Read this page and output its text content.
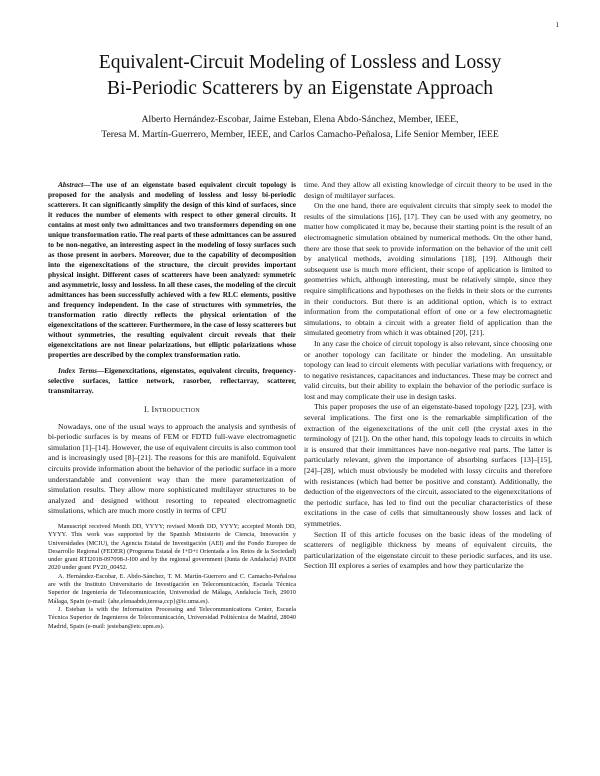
1
Equivalent-Circuit Modeling of Lossless and Lossy
Bi-Periodic Scatterers by an Eigenstate Approach
Alberto Hernández-Escobar, Jaime Esteban, Elena Abdo-Sánchez, Member, IEEE,
Teresa M. Martín-Guerrero, Member, IEEE, and Carlos Camacho-Peñalosa, Life Senior Member, IEEE

Abstract—The use of an eigenstate based equivalent circuit topology is proposed for the analysis and modeling of lossless and lossy bi-periodic scatterers. It can significantly simplify the design of this kind of surfaces, since it reduces the number of elements with respect to other general circuits. It contains at most only two admittances and two transformers depending on one unique transformation ratio. The real parts of these admittances can be assured to be non-negative, an interesting aspect in the modeling of lossy surfaces such as those present in aorbers. Moreover, due to the capability of decomposition into the eigenexcitations of the structure, the circuit provides important physical insight. Different cases of scatterers have been analyzed: symmetric and asymmetric, lossy and lossless. In all these cases, the modeling of the circuit admittances has been successfully achieved with a few RLC elements, positive and frequency independent. In the case of structures with symmetries, the transformation ratio directly reflects the physical orientation of the eigenexcitations of the scatterer. Furthermore, in the case of lossy scatterers but without symmetries, the resulting equivalent circuit reveals that their eigenexcitations are not linear polarizations, but elliptic polarizations whose properties are described by the complex transformation ratio.

Index Terms—Eigenexcitations, eigenstates, equivalent circuits, frequency-selective surfaces, lattice network, rasorber, reflectarray, scatterer, transmitarray.

I. Introduction

Nowadays, one of the usual ways to approach the analysis and synthesis of bi-periodic surfaces is by means of FEM or FDTD full-wave electromagnetic simulation [1]–[14]. However, the use of equivalent circuits is also common tool and is increasingly used [8]–[21]. The reasons for this are manifold. Equivalent circuits provide information about the behavior of the periodic surface in a more understandable and convenient way than the mere parameterization of simulation results. They allow more sophisticated multilayer structures to be analyzed and designed without resorting to repeated electromagnetic simulations, which are much more costly in terms of CPU

Manuscript received Month DD, YYYY; revised Month DD, YYYY; accepted Month DD, YYYY. This work was supported by the Spanish Ministerio de Ciencia, Innovación y Universidades (MCIU), the Agencia Estatal de Investigación (AEI) and the Fondo Europeo de Desarrollo Regional (FEDER) (Programa Estatal de I+D+i Orientada a los Retos de la Sociedad) under grant RTI2018-097098-J-I00 and by the regional government (Junta de Andalucía) PAIDI 2020 under grant PY20_00452.

A. Hernández-Escobar, E. Abdo-Sánchez, T. M. Martín-Guerrero and C. Camacho-Peñalosa are with the Instituto Universitario de Investigación en Telecomunicación, Escuela Técnica Superior de Ingeniería de Telecomunicación, Universidad de Málaga, Andalucía Tech, 29010 Málaga, Spain (e-mail: {ahe,elenaabdo,teresa,ccp}@ic.uma.es).

J. Esteban is with the Information Processing and Telecommunications Center, Escuela Técnica Superior de Ingenieros de Telecomunicación, Universidad Politécnica de Madrid, 28040 Madrid, Spain (e-mail: jesteban@etc.upm.es).

time. And they allow all existing knowledge of circuit theory to be used in the design of multilayer surfaces.

On the one hand, there are equivalent circuits that simply seek to model the results of the simulations [16], [17]. They can be used with any geometry, no matter how complicated it may be, because their starting point is the result of an electromagnetic simulation obtained by numerical methods. On the other hand, there are those that seek to provide information on the behavior of the unit cell by analytical methods, avoiding simulations [18], [19]. Although their subsequent use is much more efficient, their scope of application is limited to geometries which, although interesting, must be relatively simple, since they require simplifications and hypotheses on the fields in their slots or the currents in their conductors. But there is an additional option, which is to extract information from the computational effort of one or a few electromagnetic simulations, to obtain a circuit with a greater field of application than the simulated geometry from which it was obtained [20], [21].

In any case the choice of circuit topology is also relevant, since choosing one or another topology can facilitate or hinder the modeling. An unsuitable topology can lead to circuit elements with peculiar variations with frequency, or to negative resistances, capacitances and inductances. These may be correct and valid circuits, but their ability to explain the behavior of the periodic surface is lost and may complicate their use in design tasks.

This paper proposes the use of an eigenstate-based topology [22], [23], with several implications. The first one is the remarkable simplification of the extraction of the eigenexcitations of the unit cell (the crystal axes in the terminology of [21]). On the other hand, this topology leads to circuits in which it is ensured that their immittances have non-negative real parts. The latter is particularly relevant, given the importance of absorbing surfaces [13]–[15], [24]–[28], which must obviously be modeled with lossy circuits and therefore with resistances (which had better be positive and constant). Additionally, the deduction of the eigenvectors of the circuit, associated to the eigenexcitations of the periodic surface, has led to find out the peculiar characteristics of these excitations in the case of cells that simultaneously show losses and lack of symmetries.

Section II of this article focuses on the basic ideas of the modeling of scatterers of negligible thickness by means of equivalent circuits, the particularization of the eigenstate circuit to these periodic surfaces, and its use. Section III explores a series of examples and how they particularize the
